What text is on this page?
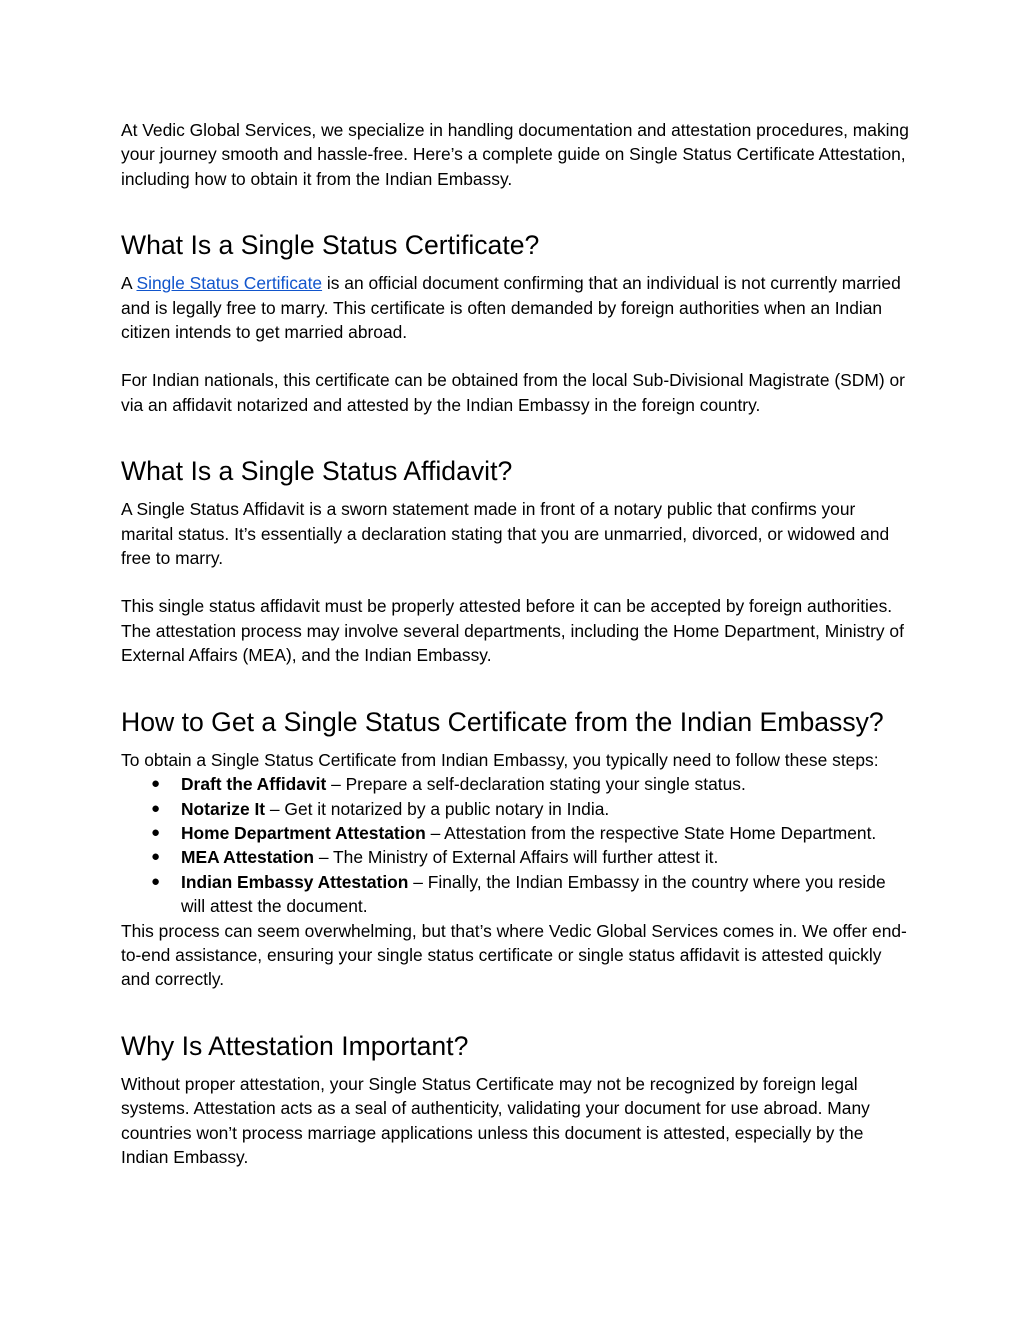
At Vedic Global Services, we specialize in handling documentation and attestation procedures, making your journey smooth and hassle-free. Here’s a complete guide on Single Status Certificate Attestation, including how to obtain it from the Indian Embassy.

What Is a Single Status Certificate?

A Single Status Certificate is an official document confirming that an individual is not currently married and is legally free to marry. This certificate is often demanded by foreign authorities when an Indian citizen intends to get married abroad.

For Indian nationals, this certificate can be obtained from the local Sub-Divisional Magistrate (SDM) or via an affidavit notarized and attested by the Indian Embassy in the foreign country.

What Is a Single Status Affidavit?

A Single Status Affidavit is a sworn statement made in front of a notary public that confirms your marital status. It’s essentially a declaration stating that you are unmarried, divorced, or widowed and free to marry.

This single status affidavit must be properly attested before it can be accepted by foreign authorities. The attestation process may involve several departments, including the Home Department, Ministry of External Affairs (MEA), and the Indian Embassy.

How to Get a Single Status Certificate from the Indian Embassy?

To obtain a Single Status Certificate from Indian Embassy, you typically need to follow these steps:

● Draft the Affidavit – Prepare a self-declaration stating your single status.
● Notarize It – Get it notarized by a public notary in India.
● Home Department Attestation – Attestation from the respective State Home Department.
● MEA Attestation – The Ministry of External Affairs will further attest it.
● Indian Embassy Attestation – Finally, the Indian Embassy in the country where you reside will attest the document.

This process can seem overwhelming, but that’s where Vedic Global Services comes in. We offer end-to-end assistance, ensuring your single status certificate or single status affidavit is attested quickly and correctly.

Why Is Attestation Important?

Without proper attestation, your Single Status Certificate may not be recognized by foreign legal systems. Attestation acts as a seal of authenticity, validating your document for use abroad. Many countries won’t process marriage applications unless this document is attested, especially by the Indian Embassy.
